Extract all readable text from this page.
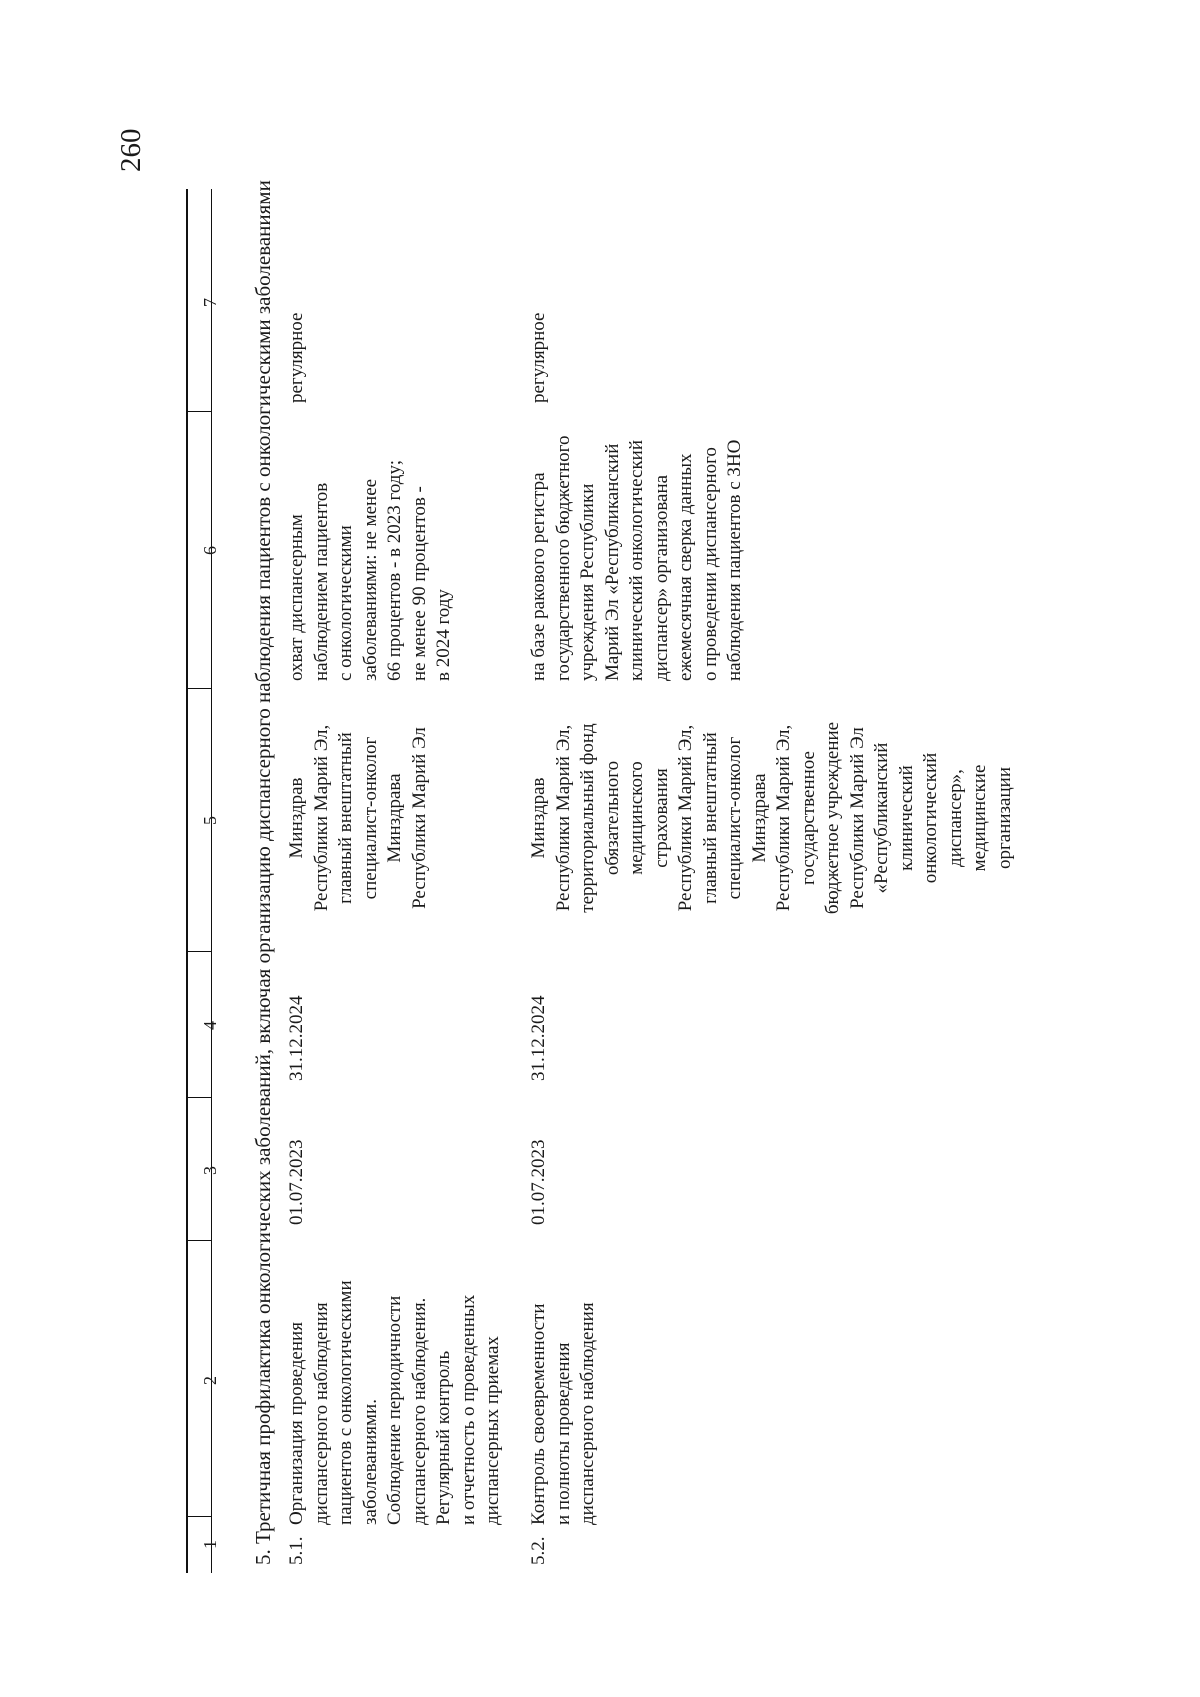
260
1
2
3
4
5
6
7 5. Третичная профилактика онкологических заболеваний, включая организацию диспансерного наблюдения пациентов с онкологическими заболеваниями 5.1.
Организация проведения диспансерного наблюдения пациентов с онкологическими заболеваниями. Соблюдение периодичности диспансерного наблюдения. Регулярный контроль и отчетность о проведенных диспансерных приемах
01.07.2023
31.12.2024
Минздрав Республики Марий Эл, главный внештатный специалист-онколог Минздрава Республики Марий Эл
охват диспансерным наблюдением пациентов с онкологическими заболеваниями: не менее 66 процентов - в 2023 году; не менее 90 процентов - в 2024 году
регулярное
5.2.
Контроль своевременности и полноты проведения диспансерного наблюдения
01.07.2023
31.12.2024
Минздрав Республики Марий Эл, территориальный фонд обязательного медицинского страхования Республики Марий Эл, главный внештатный специалист-онколог Минздрава Республики Марий Эл, государственное бюджетное учреждение Республики Марий Эл «Республиканский клинический онкологический диспансер», медицинские организации
на базе ракового регистра государственного бюджетного учреждения Республики Марий Эл «Республиканский клинический онкологический диспансер» организована ежемесячная сверка данных о проведении диспансерного наблюдения пациентов с ЗНО
регулярное
